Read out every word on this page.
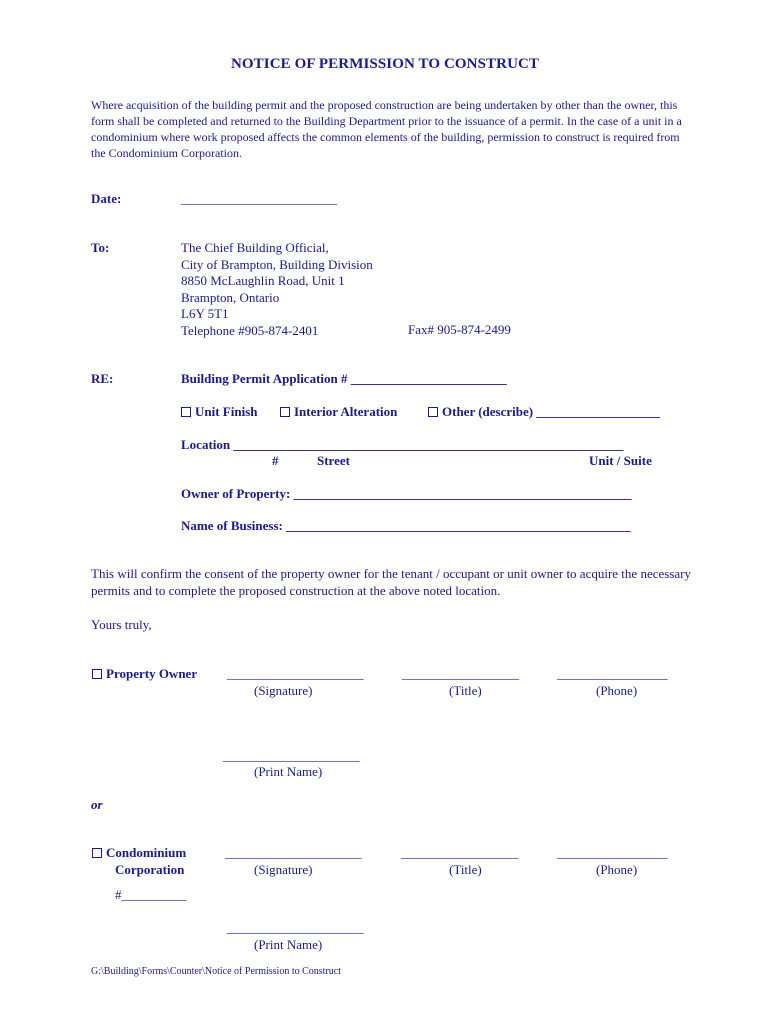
NOTICE OF PERMISSION TO CONSTRUCT
Where acquisition of the building permit and the proposed construction are being undertaken by other than the owner, this form shall be completed and returned to the Building Department prior to the issuance of a permit. In the case of a unit in a condominium where work proposed affects the common elements of the building, permission to construct is required from the Condominium Corporation.
Date:	________________________
To:	The Chief Building Official,
City of Brampton, Building Division
8850 McLaughlin Road, Unit 1
Brampton, Ontario
L6Y 5T1
Telephone #905-874-2401	Fax# 905-874-2499
RE:	Building Permit Application # ________________________
Unit Finish	Interior Alteration	Other (describe) ___________________
Location ____________________________________________________________
#	Street	Unit / Suite
Owner of Property: ____________________________________________________
Name of Business: _____________________________________________________
This will confirm the consent of the property owner for the tenant / occupant or unit owner to acquire the necessary permits and to complete the proposed construction at the above noted location.
Yours truly,
Property Owner _____________________	__________________	_________________
(Signature)	(Title)	(Phone)
_____________________
(Print Name)
or
Condominium
Corporation
#__________
_____________________	__________________	_________________
(Signature)	(Title)	(Phone)
_____________________
(Print Name)
G:\Building\Forms\Counter\Notice of Permission to Construct
